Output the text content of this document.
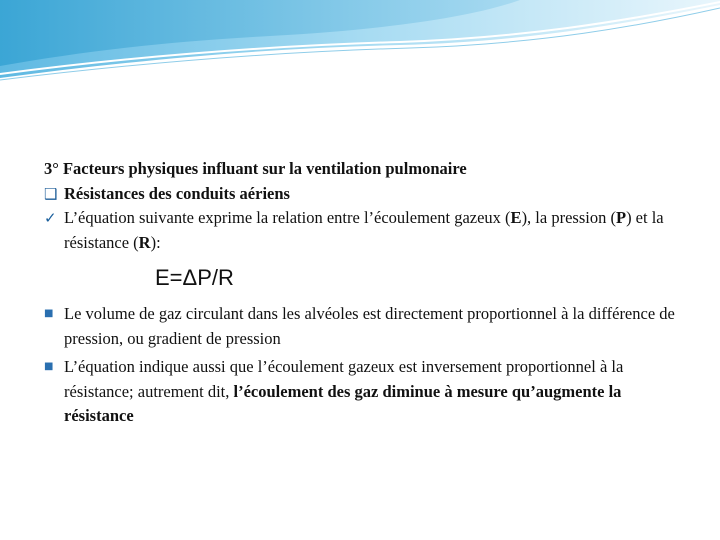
3° Facteurs physiques influant sur la ventilation pulmonaire
❑ Résistances des conduits aériens
✓ L’équation suivante exprime la relation entre l’écoulement gazeux (E), la pression (P) et la résistance (R):
E=ΔP/R
■ Le volume de gaz circulant dans les alvéoles est directement proportionnel à la différence de pression, ou gradient de pression
■ L’équation indique aussi que l’écoulement gazeux est inversement proportionnel à la résistance; autrement dit, l’écoulement des gaz diminue à mesure qu’augmente la résistance
